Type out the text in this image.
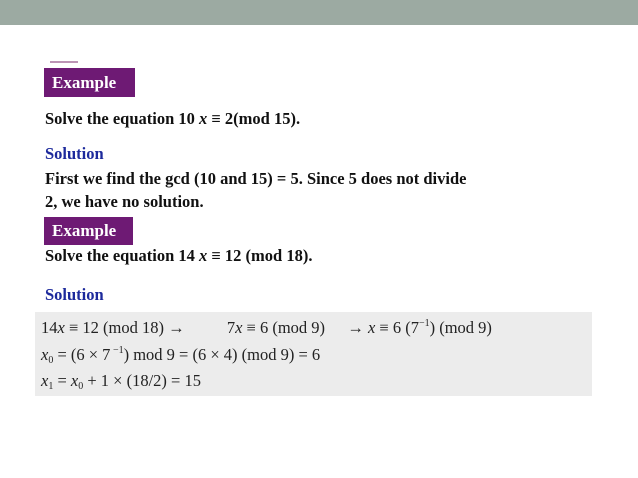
Example
Solve the equation 10 x ≡ 2(mod 15).
Solution
First we find the gcd (10 and 15) = 5. Since 5 does not divide
2, we have no solution.
Example
Solve the equation 14 x ≡ 12 (mod 18).
Solution
14x ≡ 12 (mod 18) →	7x ≡ 6 (mod 9) → x ≡ 6 $(7^{-1})$ (mod 9)
x0 = (6 × 7 $^{-1}$) mod 9 = (6 × 4) (mod 9) = 6
x1 = x0 + 1 × (18/2) = 15
